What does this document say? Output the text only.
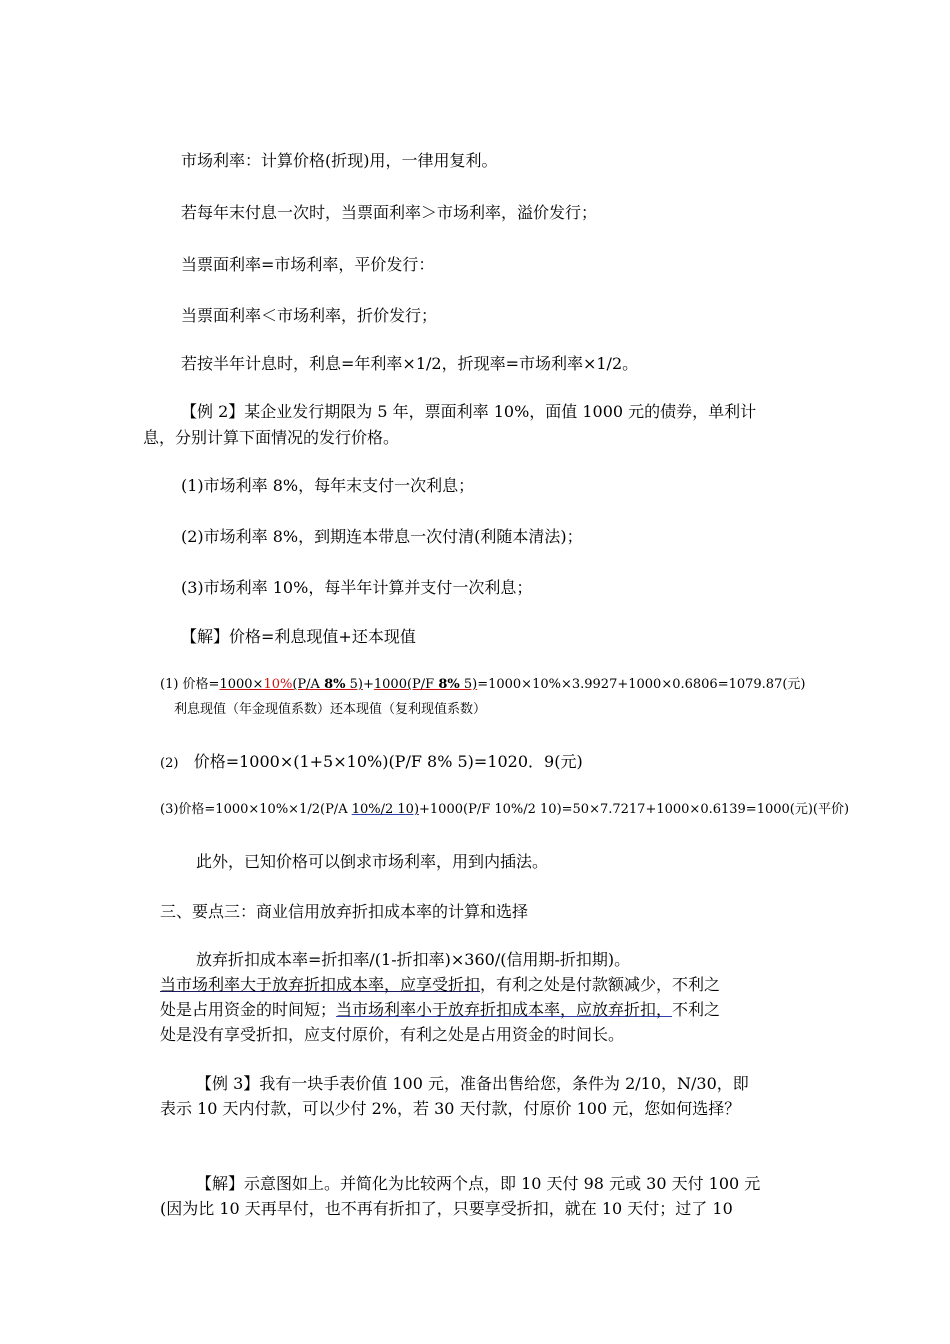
市场利率：计算价格(折现)用，一律用复利。
若每年末付息一次时，当票面利率＞市场利率，溢价发行；
当票面利率=市场利率，平价发行：
当票面利率＜市场利率，折价发行；
若按半年计息时，利息=年利率×1/2，折现率=市场利率×1/2。
【例 2】某企业发行期限为 5 年，票面利率 10%，面值 1000 元的债券，单利计
息，分别计算下面情况的发行价格。
(1)市场利率 8%，每年末支付一次利息；
(2)市场利率 8%，到期连本带息一次付清(利随本清法)；
(3)市场利率 10%，每半年计算并支付一次利息；
【解】价格=利息现值+还本现值
(1) 价格=1000×10%(P/A 8% 5)+1000(P/F 8% 5)=1000×10%×3.9927+1000×0.6806=1079.87(元)
利息现值（年金现值系数）还本现值（复利现值系数）
(2) 价格=1000×(1+5×10%)(P/F 8% 5)=1020．9(元)
(3)价格=1000×10%×1/2(P/A 10%/2 10)+1000(P/F 10%/2 10)=50×7.7217+1000×0.6139=1000(元)(平价)
此外，已知价格可以倒求市场利率，用到内插法。
三、要点三：商业信用放弃折扣成本率的计算和选择
放弃折扣成本率=折扣率/(1-折扣率)×360/(信用期-折扣期)。
当市场利率大于放弃折扣成本率，应享受折扣，有利之处是付款额减少，不利之
处是占用资金的时间短；当市场利率小于放弃折扣成本率，应放弃折扣，不利之
处是没有享受折扣，应支付原价，有利之处是占用资金的时间长。
【例 3】我有一块手表价值 100 元，准备出售给您，条件为 2/10，N/30，即
表示 10 天内付款，可以少付 2%，若 30 天付款，付原价 100 元，您如何选择？
【解】示意图如上。并简化为比较两个点，即 10 天付 98 元或 30 天付 100 元
(因为比 10 天再早付，也不再有折扣了，只要享受折扣，就在 10 天付；过了 10
